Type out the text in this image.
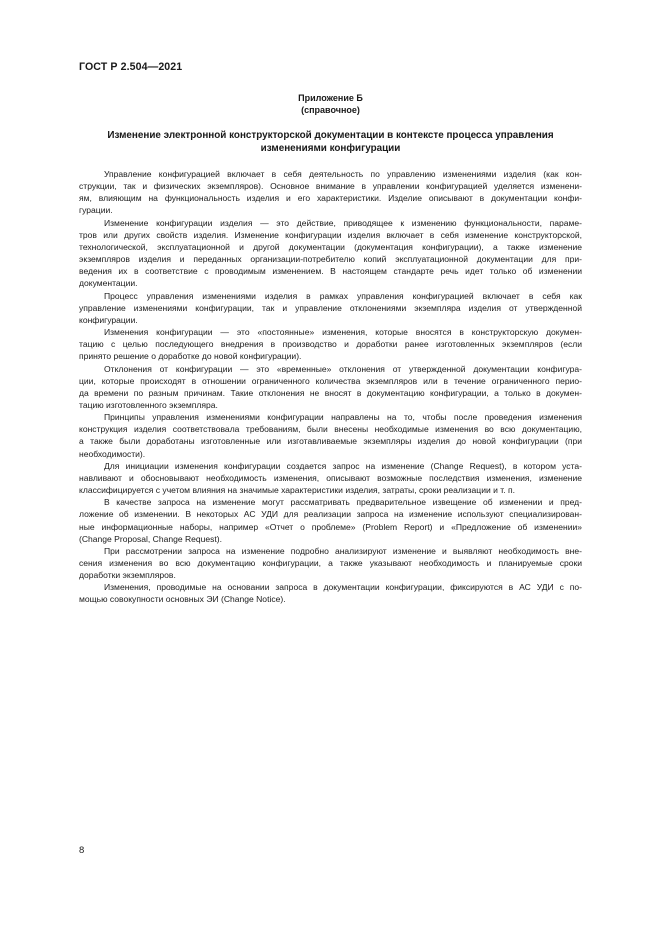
ГОСТ Р 2.504—2021
Приложение Б
(справочное)
Изменение электронной конструкторской документации в контексте процесса управления
изменениями конфигурации
Управление конфигурацией включает в себя деятельность по управлению изменениями изделия (как кон-
струкции, так и физических экземпляров). Основное внимание в управлении конфигурацией уделяется изменени-
ям, влияющим на функциональность изделия и его характеристики. Изделие описывают в документации конфи-
гурации.
Изменение конфигурации изделия — это действие, приводящее к изменению функциональности, параме-
тров или других свойств изделия. Изменение конфигурации изделия включает в себя изменение конструкторской,
технологической, эксплуатационной и другой документации (документация конфигурации), а также изменение
экземпляров изделия и переданных организации-потребителю копий эксплуатационной документации для при-
ведения их в соответствие с проводимым изменением. В настоящем стандарте речь идет только об изменении
документации.
Процесс управления изменениями изделия в рамках управления конфигурацией включает в себя как
управление изменениями конфигурации, так и управление отклонениями экземпляра изделия от утвержденной
конфигурации.
Изменения конфигурации — это «постоянные» изменения, которые вносятся в конструкторскую докумен-
тацию с целью последующего внедрения в производство и доработки ранее изготовленных экземпляров (если
принято решение о доработке до новой конфигурации).
Отклонения от конфигурации — это «временные» отклонения от утвержденной документации конфигура-
ции, которые происходят в отношении ограниченного количества экземпляров или в течение ограниченного перио-
да времени по разным причинам. Такие отклонения не вносят в документацию конфигурации, а только в докумен-
тацию изготовленного экземпляра.
Принципы управления изменениями конфигурации направлены на то, чтобы после проведения изменения
конструкция изделия соответствовала требованиям, были внесены необходимые изменения во всю документацию,
а также были доработаны изготовленные или изготавливаемые экземпляры изделия до новой конфигурации (при
необходимости).
Для инициации изменения конфигурации создается запрос на изменение (Change Request), в котором уста-
навливают и обосновывают необходимость изменения, описывают возможные последствия изменения, изменение
классифицируется с учетом влияния на значимые характеристики изделия, затраты, сроки реализации и т. п.
В качестве запроса на изменение могут рассматривать предварительное извещение об изменении и пред-
ложение об изменении. В некоторых АС УДИ для реализации запроса на изменение используют специализирован-
ные информационные наборы, например «Отчет о проблеме» (Problem Report) и «Предложение об изменении»
(Change Proposal, Change Request).
При рассмотрении запроса на изменение подробно анализируют изменение и выявляют необходимость вне-
сения изменения во всю документацию конфигурации, а также указывают необходимость и планируемые сроки
доработки экземпляров.
Изменения, проводимые на основании запроса в документации конфигурации, фиксируются в АС УДИ с по-
мощью совокупности основных ЭИ (Change Notice).
8
